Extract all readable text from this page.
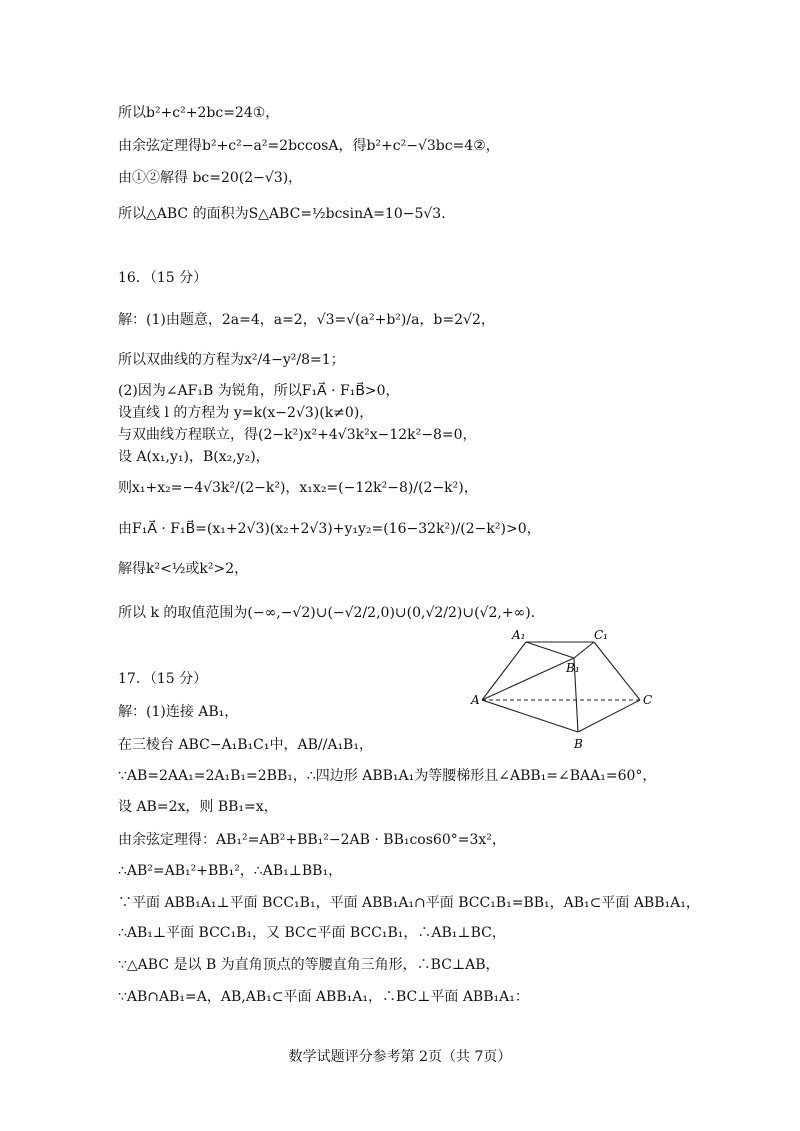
所以b²+c²+2bc=24①，
由余弦定理得b²+c²−a²=2bccosA，得b²+c²−√3bc=4②，
由①②解得 bc=20(2−√3)，
所以△ABC 的面积为S△ABC=½bcsinA=10−5√3．
16．（15 分）
解：(1)由题意，2a=4，a=2，√3=√(a²+b²)/a，b=2√2，
所以双曲线的方程为x²/4−y²/8=1；
(2)因为∠AF₁B 为锐角，所以F₁A⃗ · F₁B⃗>0，
设直线 l 的方程为 y=k(x−2√3)(k≠0)，
与双曲线方程联立，得(2−k²)x²+4√3k²x−12k²−8=0，
设 A(x₁,y₁)，B(x₂,y₂)，
则x₁+x₂=−4√3k²/(2−k²)，x₁x₂=(−12k²−8)/(2−k²)，
由F₁A⃗ · F₁B⃗=(x₁+2√3)(x₂+2√3)+y₁y₂=(16−32k²)/(2−k²)>0，
解得k²<½或k²>2，
所以 k 的取值范围为(−∞,−√2)∪(−√2/2,0)∪(0,√2/2)∪(√2,+∞)．
17．（15 分）
解：(1)连接 AB₁，
在三棱台 ABC−A₁B₁C₁中，AB//A₁B₁，
∵AB=2AA₁=2A₁B₁=2BB₁，∴四边形 ABB₁A₁为等腰梯形且∠ABB₁=∠BAA₁=60°，
设 AB=2x，则 BB₁=x，
由余弦定理得：AB₁²=AB²+BB₁²−2AB · BB₁cos60°=3x²，
∴AB²=AB₁²+BB₁²，∴AB₁⊥BB₁，
∵平面 ABB₁A₁⊥平面 BCC₁B₁，平面 ABB₁A₁∩平面 BCC₁B₁=BB₁，AB₁⊂平面 ABB₁A₁，
∴AB₁⊥平面 BCC₁B₁，又 BC⊂平面 BCC₁B₁，∴AB₁⊥BC，
∵△ABC 是以 B 为直角顶点的等腰直角三角形，∴BC⊥AB，
∵AB∩AB₁=A，AB,AB₁⊂平面 ABB₁A₁，∴BC⊥平面 ABB₁A₁：
A₁	C₁
B₁
A	C
B
数学试题评分参考第 2页（共 7页）
